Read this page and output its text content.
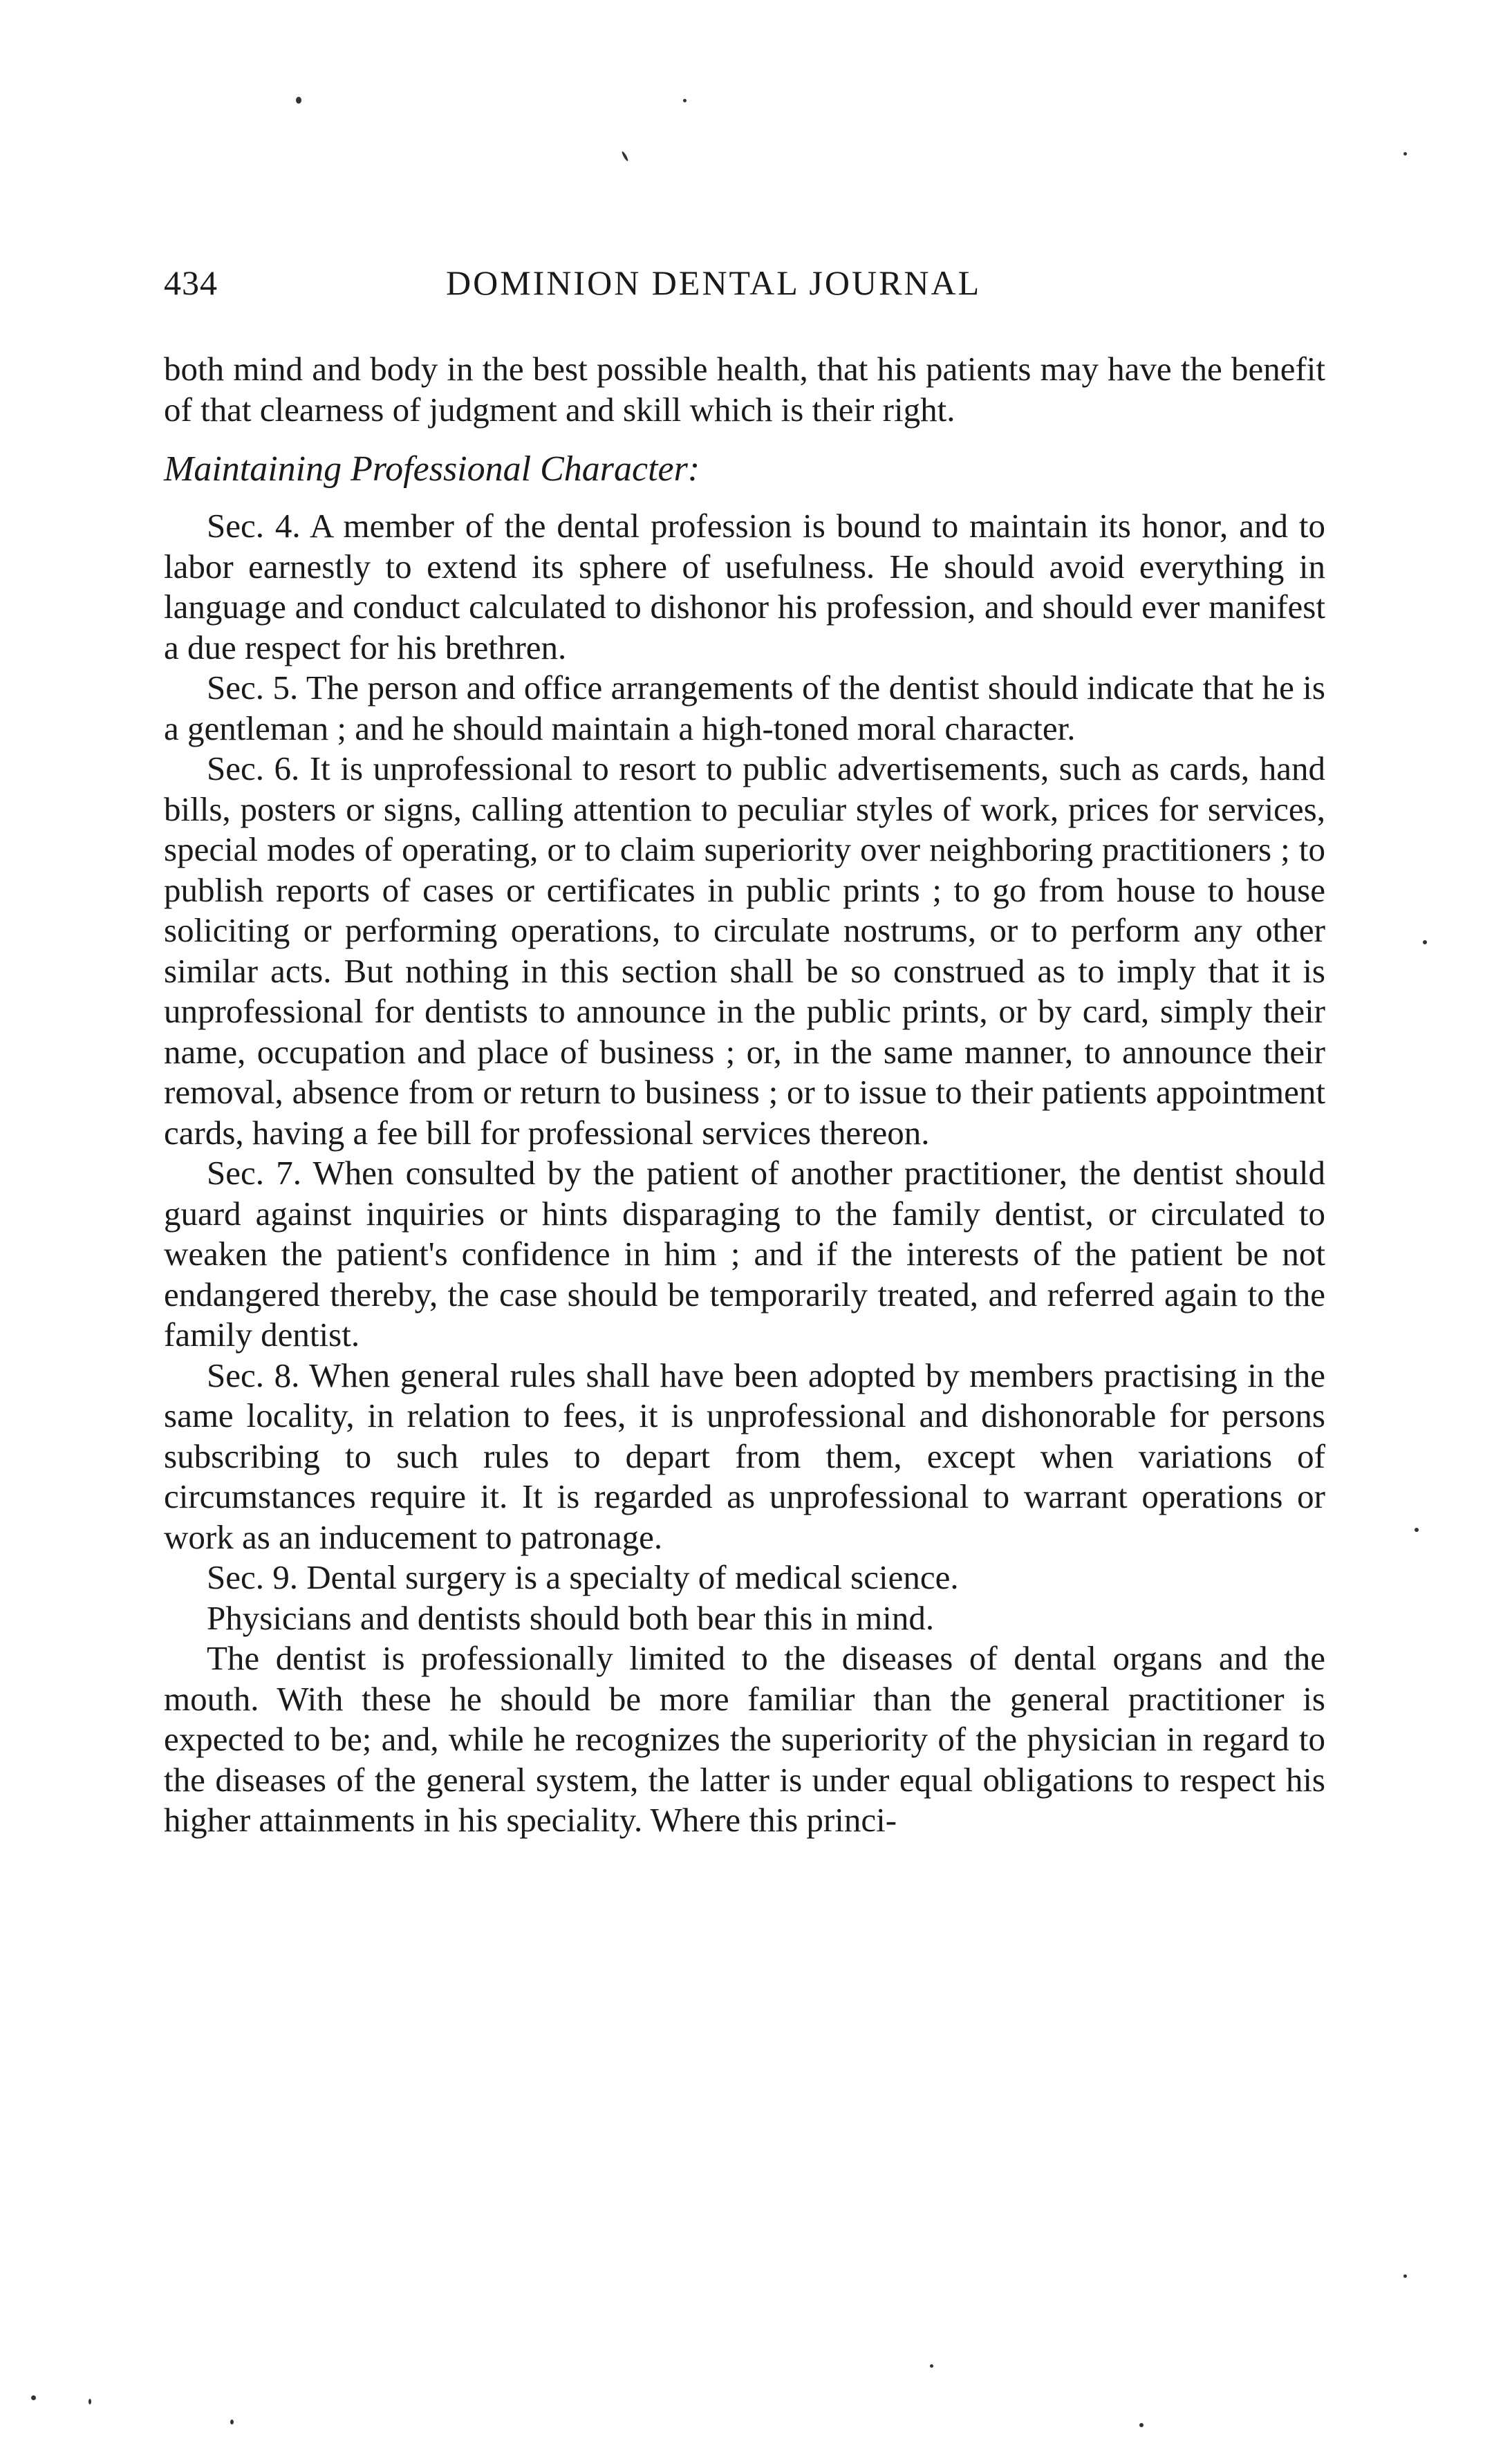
434	DOMINION DENTAL JOURNAL

both mind and body in the best possible health, that his patients may have the benefit of that clearness of judgment and skill which is their right.

Maintaining Professional Character:

Sec. 4. A member of the dental profession is bound to maintain its honor, and to labor earnestly to extend its sphere of usefulness. He should avoid everything in language and conduct calculated to dishonor his profession, and should ever manifest a due respect for his brethren.

Sec. 5. The person and office arrangements of the dentist should indicate that he is a gentleman ; and he should maintain a high-toned moral character.

Sec. 6. It is unprofessional to resort to public advertisements, such as cards, hand bills, posters or signs, calling attention to peculiar styles of work, prices for services, special modes of operating, or to claim superiority over neighboring practitioners ; to publish reports of cases or certificates in public prints ; to go from house to house soliciting or performing operations, to circulate nostrums, or to perform any other similar acts. But nothing in this section shall be so construed as to imply that it is unprofessional for dentists to announce in the public prints, or by card, simply their name, occupation and place of business ; or, in the same manner, to announce their removal, absence from or return to business ; or to issue to their patients appointment cards, having a fee bill for professional services thereon.

Sec. 7. When consulted by the patient of another practitioner, the dentist should guard against inquiries or hints disparaging to the family dentist, or circulated to weaken the patient's confidence in him ; and if the interests of the patient be not endangered thereby, the case should be temporarily treated, and referred again to the family dentist.

Sec. 8. When general rules shall have been adopted by members practising in the same locality, in relation to fees, it is unprofessional and dishonorable for persons subscribing to such rules to depart from them, except when variations of circumstances require it. It is regarded as unprofessional to warrant operations or work as an inducement to patronage.

Sec. 9. Dental surgery is a specialty of medical science.

Physicians and dentists should both bear this in mind.

The dentist is professionally limited to the diseases of dental organs and the mouth. With these he should be more familiar than the general practitioner is expected to be; and, while he recognizes the superiority of the physician in regard to the diseases of the general system, the latter is under equal obligations to respect his higher attainments in his speciality. Where this princi-
